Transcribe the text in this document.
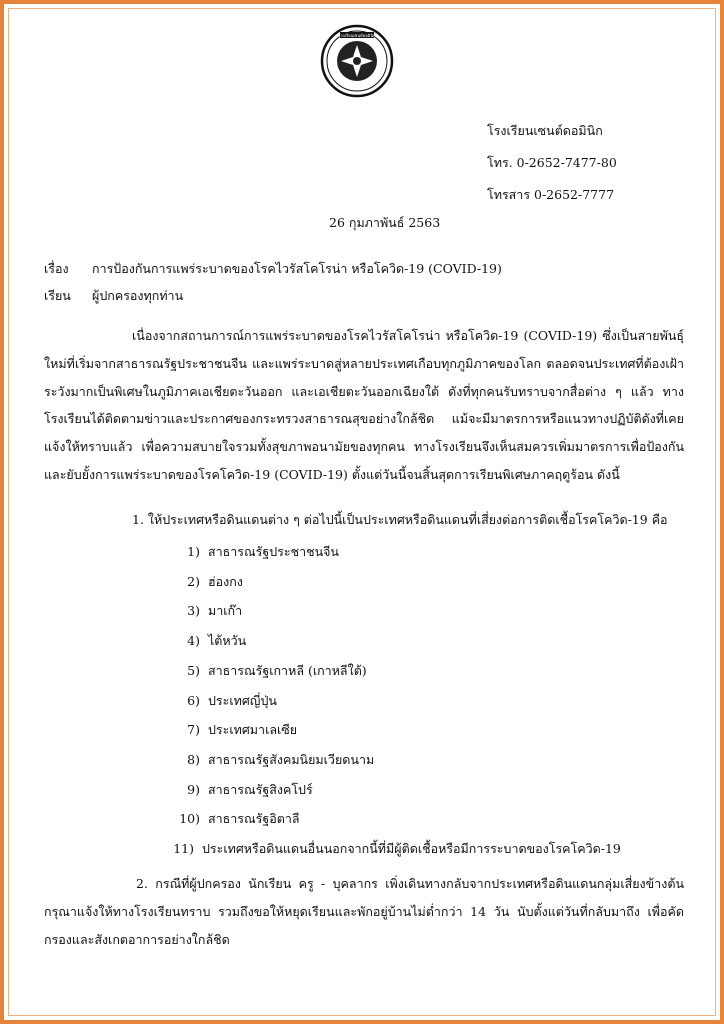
โรงเรียนเซนต์ดอมินิก
โรงเรียนเซนต์ดอมินิก
โทร. 0-2652-7477-80
โทรสาร 0-2652-7777
26 กุมภาพันธ์ 2563
เรื่อง การป้องกันการแพร่ระบาดของโรคไวรัสโคโรน่า หรือโควิด-19 (COVID-19)
เรียน ผู้ปกครองทุกท่าน
เนื่องจากสถานการณ์การแพร่ระบาดของโรคไวรัสโคโรน่า หรือโควิด-19 (COVID-19) ซึ่งเป็นสายพันธุ์ใหม่ที่เริ่มจากสาธารณรัฐประชาชนจีน และแพร่ระบาดสู่หลายประเทศเกือบทุกภูมิภาคของโลก ตลอดจนประเทศที่ต้องเฝ้าระวังมากเป็นพิเศษในภูมิภาคเอเชียตะวันออก และเอเชียตะวันออกเฉียงใต้ ดังที่ทุกคนรับทราบจากสื่อต่าง ๆ แล้ว ทางโรงเรียนได้ติดตามข่าวและประกาศของกระทรวงสาธารณสุขอย่างใกล้ชิด แม้จะมีมาตรการหรือแนวทางปฏิบัติดังที่เคยแจ้งให้ทราบแล้ว เพื่อความสบายใจรวมทั้งสุขภาพอนามัยของทุกคน ทางโรงเรียนจึงเห็นสมควรเพิ่มมาตรการเพื่อป้องกัน และยับยั้งการแพร่ระบาดของโรคโควิด-19 (COVID-19) ตั้งแต่วันนี้จนสิ้นสุดการเรียนพิเศษภาคฤดูร้อน ดังนี้
1. ให้ประเทศหรือดินแดนต่าง ๆ ต่อไปนี้เป็นประเทศหรือดินแดนที่เสี่ยงต่อการติดเชื้อโรคโควิด-19 คือ
1) สาธารณรัฐประชาชนจีน
2) ฮ่องกง
3) มาเก๊า
4) ไต้หวัน
5) สาธารณรัฐเกาหลี (เกาหลีใต้)
6) ประเทศญี่ปุ่น
7) ประเทศมาเลเซีย
8) สาธารณรัฐสังคมนิยมเวียดนาม
9) สาธารณรัฐสิงคโปร์
10) สาธารณรัฐอิตาลี
11) ประเทศหรือดินแดนอื่นนอกจากนี้ที่มีผู้ติดเชื้อหรือมีการระบาดของโรคโควิด-19
2. กรณีที่ผู้ปกครอง นักเรียน ครู - บุคลากร เพิ่งเดินทางกลับจากประเทศหรือดินแดนกลุ่มเสี่ยงข้างต้น กรุณาแจ้งให้ทางโรงเรียนทราบ รวมถึงขอให้หยุดเรียนและพักอยู่บ้านไม่ต่ำกว่า 14 วัน นับตั้งแต่วันที่กลับมาถึง เพื่อคัดกรองและสังเกตอาการอย่างใกล้ชิด
